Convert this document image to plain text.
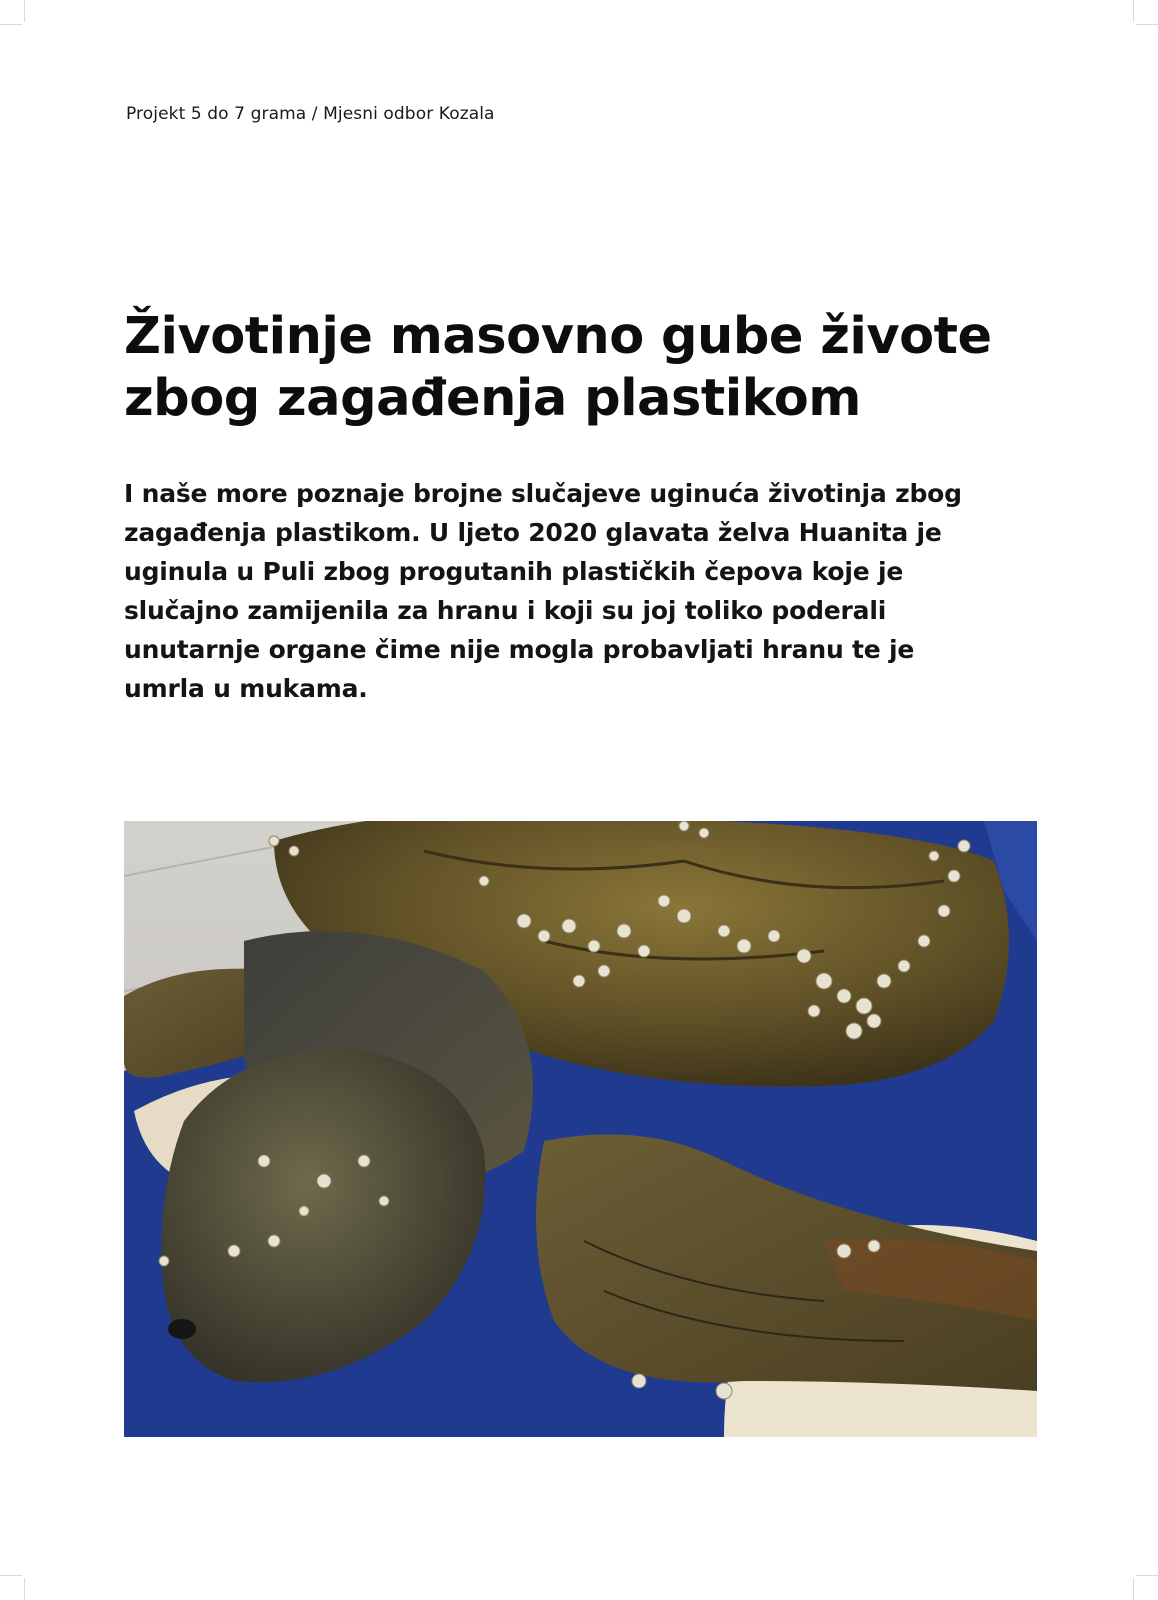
Projekt 5 do 7 grama / Mjesni odbor Kozala
Životinje masovno gube živote
zbog zagađenja plastikom

I naše more poznaje brojne slučajeve uginuća životinja zbog
zagađenja plastikom. U ljeto 2020 glavata želva Huanita je
uginula u Puli zbog progutanih plastičkih čepova koje je
slučajno zamijenila za hranu i koji su joj toliko poderali
unutarnje organe čime nije mogla probavljati hranu te je
umrla u mukama.
